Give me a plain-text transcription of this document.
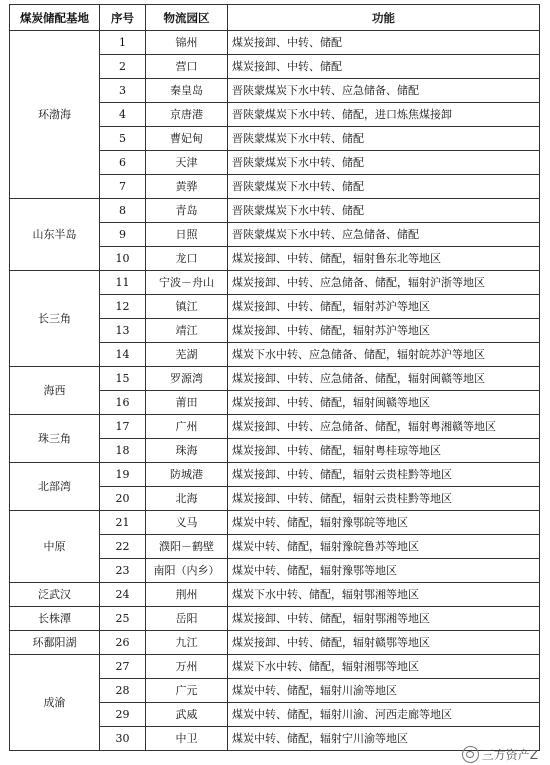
煤炭储配基地	序号	物流园区	功能
环渤海	1	锦州	煤炭接卸、中转、储配
	2	营口	煤炭接卸、中转、储配
	3	秦皇岛	晋陕蒙煤炭下水中转、应急储备、储配
	4	京唐港	晋陕蒙煤炭下水中转、储配，进口炼焦煤接卸
	5	曹妃甸	晋陕蒙煤炭下水中转、储配
	6	天津	晋陕蒙煤炭下水中转、储配
	7	黄骅	晋陕蒙煤炭下水中转、储配
山东半岛	8	青岛	晋陕蒙煤炭下水中转、储配
	9	日照	晋陕蒙煤炭下水中转、应急储备、储配
	10	龙口	煤炭接卸、中转、储配，辐射鲁东北等地区
长三角	11	宁波－舟山	煤炭接卸、中转、应急储备、储配，辐射沪浙等地区
	12	镇江	煤炭接卸、中转、储配，辐射苏沪等地区
	13	靖江	煤炭接卸、中转、储配，辐射苏沪等地区
	14	芜湖	煤炭下水中转、应急储备、储配，辐射皖苏沪等地区
海西	15	罗源湾	煤炭接卸、中转、应急储备、储配，辐射闽赣等地区
	16	莆田	煤炭接卸、中转、储配，辐射闽赣等地区
珠三角	17	广州	煤炭接卸、中转、应急储备、储配，辐射粤湘赣等地区
	18	珠海	煤炭接卸、中转、储配，辐射粤桂琼等地区
北部湾	19	防城港	煤炭接卸、中转、储配，辐射云贵桂黔等地区
	20	北海	煤炭接卸、中转、储配，辐射云贵桂黔等地区
中原	21	义马	煤炭中转、储配，辐射豫鄂皖等地区
	22	濮阳－鹤壁	煤炭中转、储配，辐射豫皖鲁苏等地区
	23	南阳（内乡）	煤炭中转、储配，辐射豫鄂等地区
泛武汉	24	荆州	煤炭下水中转、储配，辐射鄂湘等地区
长株潭	25	岳阳	煤炭接卸、中转、储配，辐射鄂湘等地区
环鄱阳湖	26	九江	煤炭接卸、中转、储配，辐射赣鄂等地区
成渝	27	万州	煤炭下水中转、储配，辐射湘鄂等地区
	28	广元	煤炭中转、储配，辐射川渝等地区
	29	武威	煤炭中转、储配，辐射川渝、河西走廊等地区
	30	中卫	煤炭中转、储配，辐射宁川渝等地区
三方资产Z
